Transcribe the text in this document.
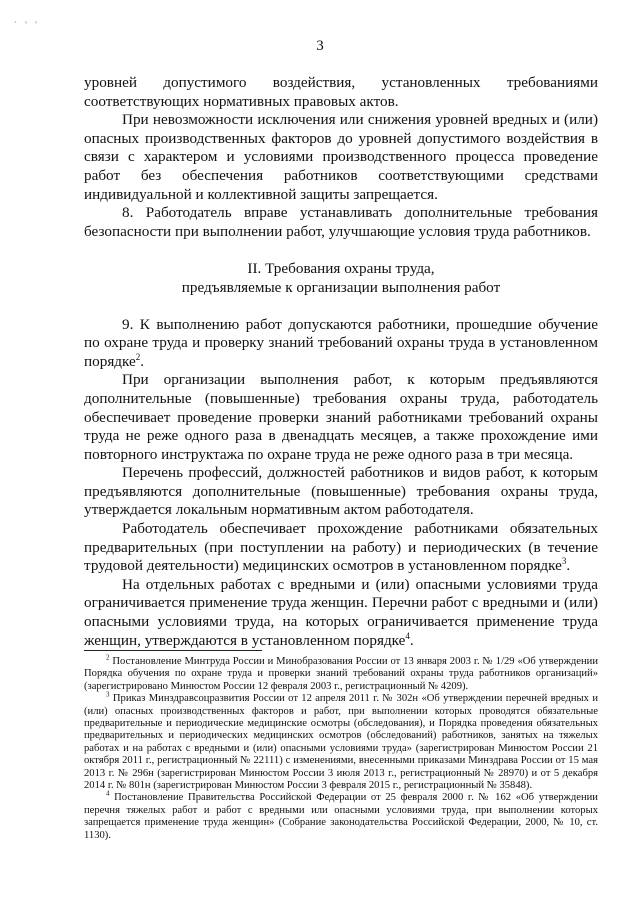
` ' '
3

уровней допустимого воздействия, установленных требованиями соответствующих нормативных правовых актов.

При невозможности исключения или снижения уровней вредных и (или) опасных производственных факторов до уровней допустимого воздействия в связи с характером и условиями производственного процесса проведение работ без обеспечения работников соответствующими средствами индивидуальной и коллективной защиты запрещается.

8. Работодатель вправе устанавливать дополнительные требования безопасности при выполнении работ, улучшающие условия труда работников.

II. Требования охраны труда,
предъявляемые к организации выполнения работ

9. К выполнению работ допускаются работники, прошедшие обучение по охране труда и проверку знаний требований охраны труда в установленном порядке$^2$.

При организации выполнения работ, к которым предъявляются дополнительные (повышенные) требования охраны труда, работодатель обеспечивает проведение проверки знаний работниками требований охраны труда не реже одного раза в двенадцать месяцев, а также прохождение ими повторного инструктажа по охране труда не реже одного раза в три месяца.

Перечень профессий, должностей работников и видов работ, к которым предъявляются дополнительные (повышенные) требования охраны труда, утверждается локальным нормативным актом работодателя.

Работодатель обеспечивает прохождение работниками обязательных предварительных (при поступлении на работу) и периодических (в течение трудовой деятельности) медицинских осмотров в установленном порядке$^3$.

На отдельных работах с вредными и (или) опасными условиями труда ограничивается применение труда женщин. Перечни работ с вредными и (или) опасными условиями труда, на которых ограничивается применение труда женщин, утверждаются в установленном порядке$^4$.

$^2$ Постановление Минтруда России и Минобразования России от 13 января 2003 г. № 1/29 «Об утверждении Порядка обучения по охране труда и проверки знаний требований охраны труда работников организаций» (зарегистрировано Минюстом России 12 февраля 2003 г., регистрационный № 4209).

$^3$ Приказ Минздравсоцразвития России от 12 апреля 2011 г. № 302н «Об утверждении перечней вредных и (или) опасных производственных факторов и работ, при выполнении которых проводятся обязательные предварительные и периодические медицинские осмотры (обследования), и Порядка проведения обязательных предварительных и периодических медицинских осмотров (обследований) работников, занятых на тяжелых работах и на работах с вредными и (или) опасными условиями труда» (зарегистрирован Минюстом России 21 октября 2011 г., регистрационный № 22111) с изменениями, внесенными приказами Минздрава России от 15 мая 2013 г. № 296н (зарегистрирован Минюстом России 3 июля 2013 г., регистрационный № 28970) и от 5 декабря 2014 г. № 801н (зарегистрирован Минюстом России 3 февраля 2015 г., регистрационный № 35848).

$^4$ Постановление Правительства Российской Федерации от 25 февраля 2000 г. № 162 «Об утверждении перечня тяжелых работ и работ с вредными или опасными условиями труда, при выполнении которых запрещается применение труда женщин» (Собрание законодательства Российской Федерации, 2000, № 10, ст. 1130).
